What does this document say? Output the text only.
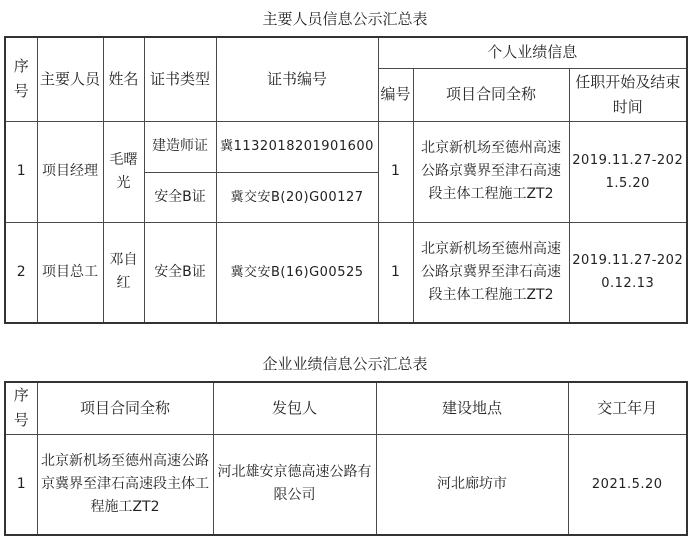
主要人员信息公示汇总表
序号	主要人员	姓名	证书类型	证书编号	个人业绩信息		
					编号	项目合同全称	任职开始及结束时间
1	项目经理	毛曙光	建造师证	冀1132018201901600	1	北京新机场至德州高速公路京冀界至津石高速段主体工程施工ZT2	2019.11.27-2021.5.20
			安全B证	冀交安B(20)G00127			
2	项目总工	邓自红	安全B证	冀交安B(16)G00525	1	北京新机场至德州高速公路京冀界至津石高速段主体工程施工ZT2	2019.11.27-2020.12.13
企业业绩信息公示汇总表
序号	项目合同全称	发包人	建设地点	交工年月
1	北京新机场至德州高速公路京冀界至津石高速段主体工程施工ZT2	河北雄安京德高速公路有限公司	河北廊坊市	2021.5.20
